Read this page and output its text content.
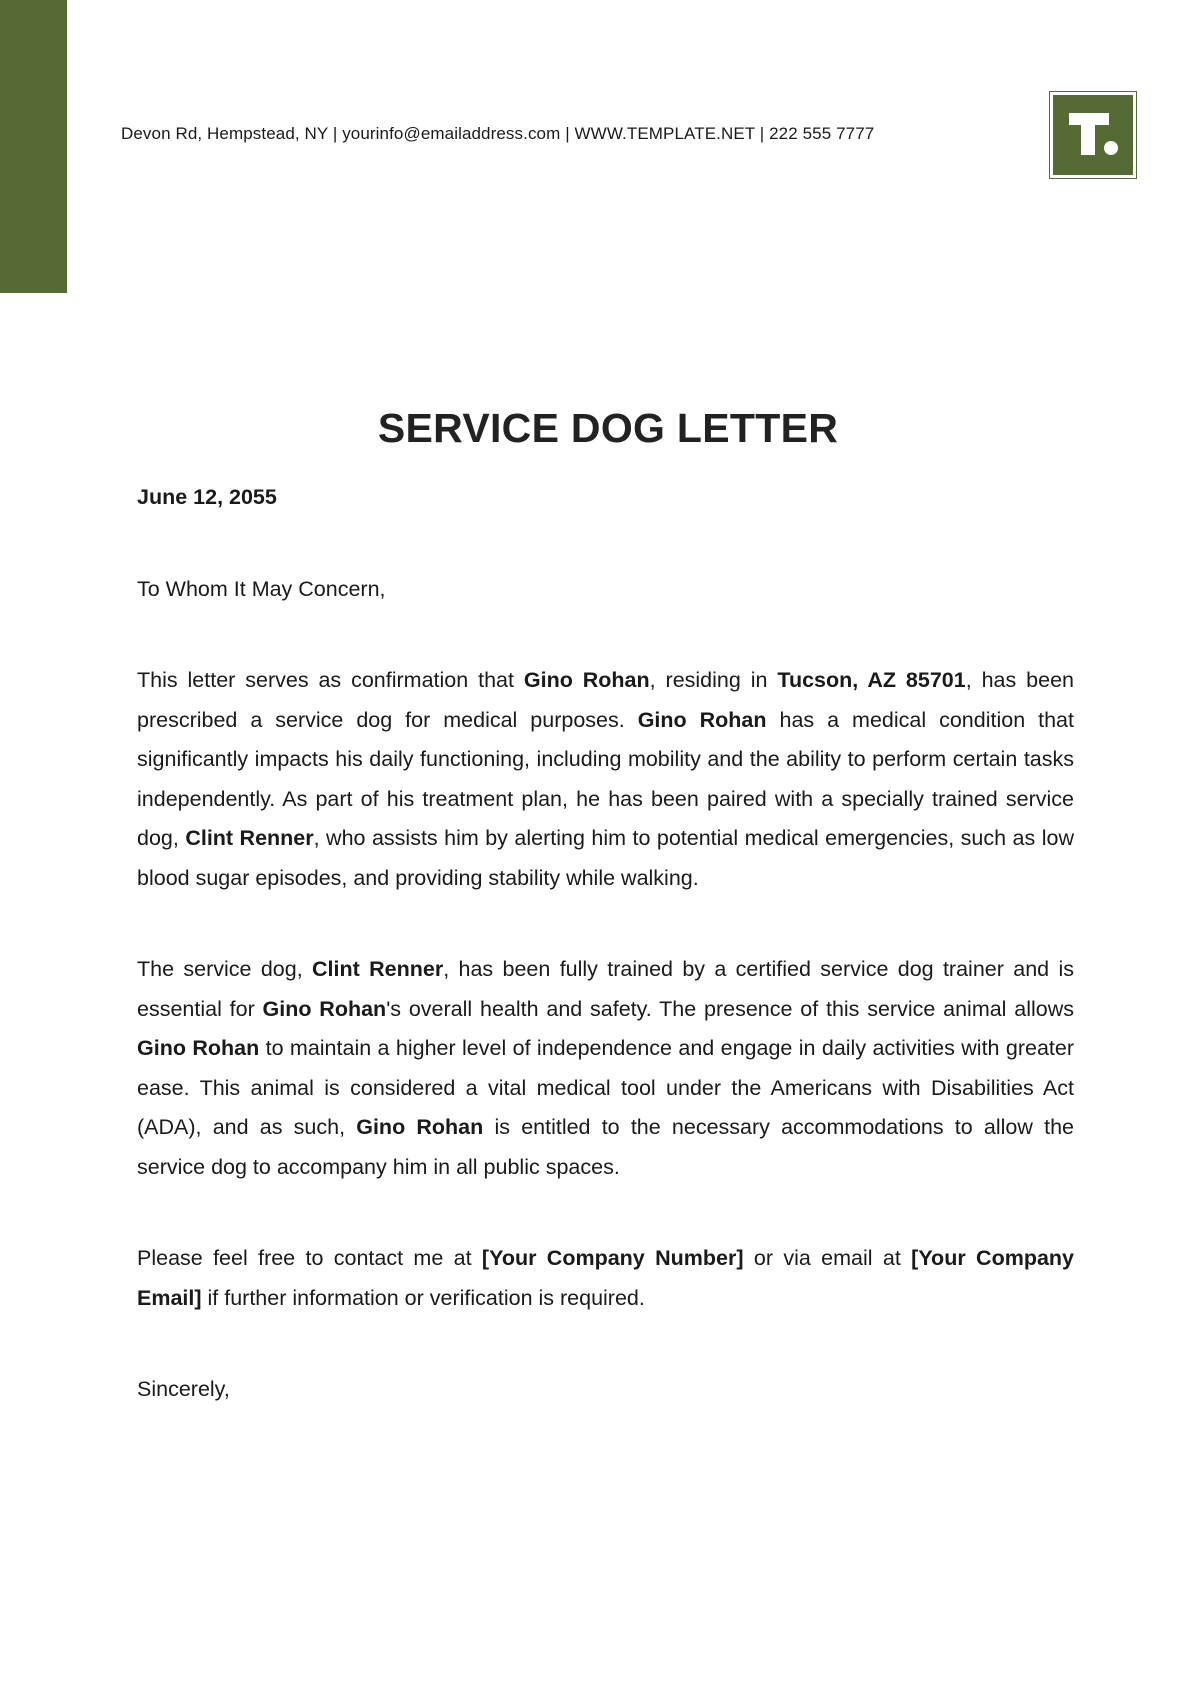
Devon Rd, Hempstead, NY | yourinfo@emailaddress.com | WWW.TEMPLATE.NET | 222 555 7777
SERVICE DOG LETTER

June 12, 2055

To Whom It May Concern,

This letter serves as confirmation that Gino Rohan, residing in Tucson, AZ 85701, has been prescribed a service dog for medical purposes. Gino Rohan has a medical condition that significantly impacts his daily functioning, including mobility and the ability to perform certain tasks independently. As part of his treatment plan, he has been paired with a specially trained service dog, Clint Renner, who assists him by alerting him to potential medical emergencies, such as low blood sugar episodes, and providing stability while walking.

The service dog, Clint Renner, has been fully trained by a certified service dog trainer and is essential for Gino Rohan's overall health and safety. The presence of this service animal allows Gino Rohan to maintain a higher level of independence and engage in daily activities with greater ease. This animal is considered a vital medical tool under the Americans with Disabilities Act (ADA), and as such, Gino Rohan is entitled to the necessary accommodations to allow the service dog to accompany him in all public spaces.

Please feel free to contact me at [Your Company Number] or via email at [Your Company Email] if further information or verification is required.

Sincerely,
